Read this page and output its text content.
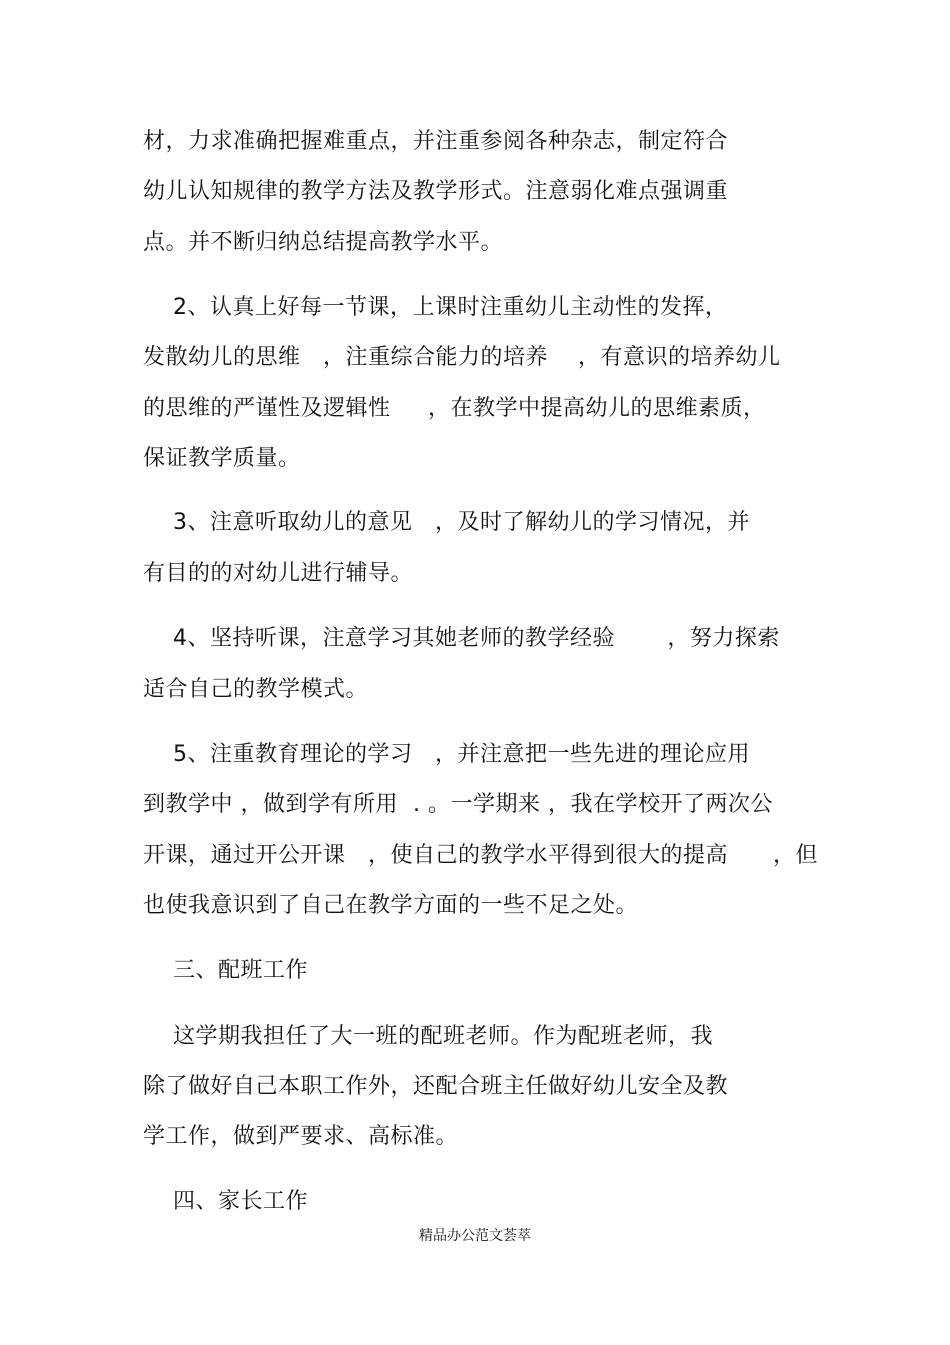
材，力求准确把握难重点，并注重参阅各种杂志，制定符合
幼儿认知规律的教学方法及教学形式。注意弱化难点强调重
点。并不断归纳总结提高教学水平。
2、认真上好每一节课，上课时注重幼儿主动性的发挥，
发散幼儿的思维   ，注重综合能力的培养    ，有意识的培养幼儿
的思维的严谨性及逻辑性     ，在教学中提高幼儿的思维素质，
保证教学质量。
3、注意听取幼儿的意见   ，及时了解幼儿的学习情况，并
有目的的对幼儿进行辅导。
4、坚持听课，注意学习其她老师的教学经验       ，努力探索
适合自己的教学模式。
5、注重教育理论的学习   ，并注意把一些先进的理论应用
到教学中 ，做到学有所用  . 。一学期来 ，我在学校开了两次公
开课，通过开公开课   ，使自己的教学水平得到很大的提高      ，但
也使我意识到了自己在教学方面的一些不足之处。
三、配班工作
这学期我担任了大一班的配班老师。作为配班老师，我
除了做好自己本职工作外，还配合班主任做好幼儿安全及教
学工作，做到严要求、高标准。
四、家长工作
精品办公范文荟萃
